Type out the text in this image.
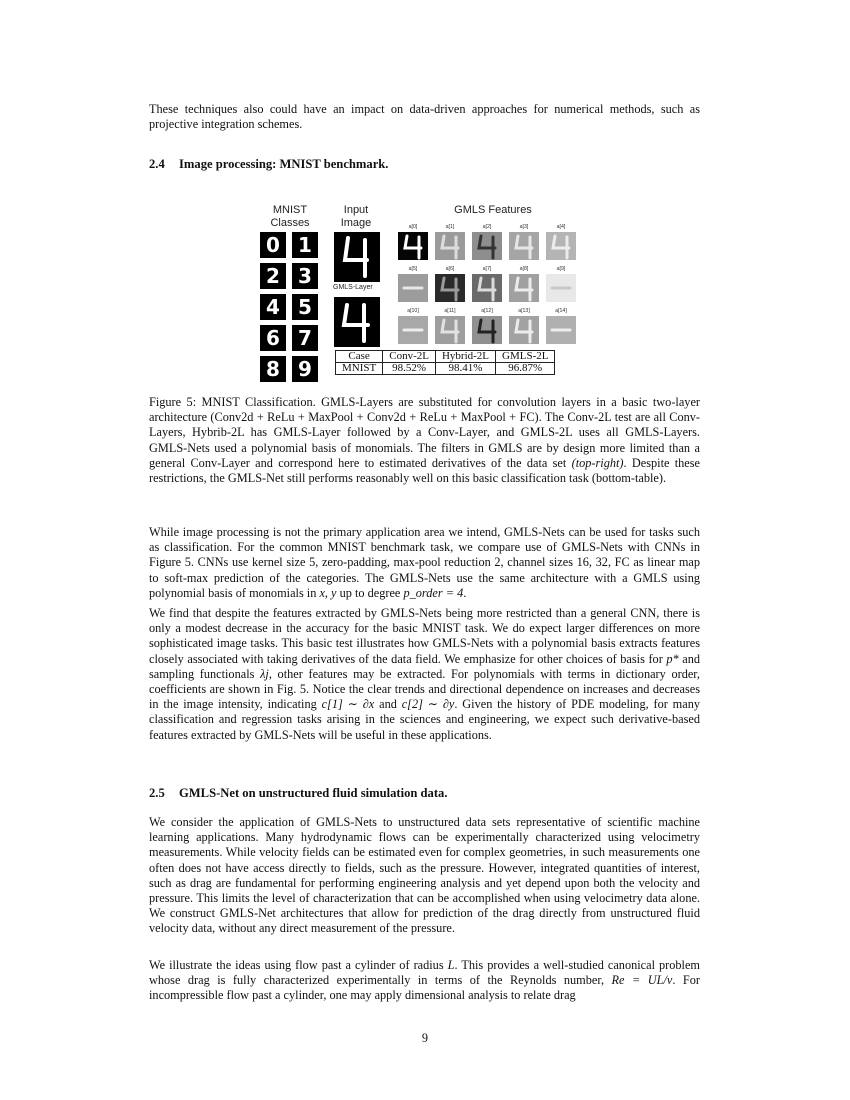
These techniques also could have an impact on data-driven approaches for numerical methods, such as projective integration schemes.

2.4 Image processing: MNIST benchmark.
MNIST
Classes
Input
Image
GMLS Features
0 1
2 3
4 5
6 7
8 9
GMLS-Layer
a[0]	a[1]	a[2]	a[3]	a[4]
a[5]	a[6]	a[7]	a[8]	a[9]
a[10]	a[11]	a[12]	a[13]	a[14]
Case	Conv-2L	Hybrid-2L	GMLS-2L
MNIST	98.52%	98.41%	96.87%

Figure 5: MNIST Classification. GMLS-Layers are substituted for convolution layers in a basic two-layer architecture (Conv2d + ReLu + MaxPool + Conv2d + ReLu + MaxPool + FC). The Conv-2L test are all Conv-Layers, Hybrib-2L has GMLS-Layer followed by a Conv-Layer, and GMLS-2L uses all GMLS-Layers. GMLS-Nets used a polynomial basis of monomials. The filters in GMLS are by design more limited than a general Conv-Layer and correspond here to estimated derivatives of the data set (top-right). Despite these restrictions, the GMLS-Net still performs reasonably well on this basic classification task (bottom-table).

While image processing is not the primary application area we intend, GMLS-Nets can be used for tasks such as classification. For the common MNIST benchmark task, we compare use of GMLS-Nets with CNNs in Figure 5. CNNs use kernel size 5, zero-padding, max-pool reduction 2, channel sizes 16, 32, FC as linear map to soft-max prediction of the categories. The GMLS-Nets use the same architecture with a GMLS using polynomial basis of monomials in x, y up to degree p_order = 4.

We find that despite the features extracted by GMLS-Nets being more restricted than a general CNN, there is only a modest decrease in the accuracy for the basic MNIST task. We do expect larger differences on more sophisticated image tasks. This basic test illustrates how GMLS-Nets with a polynomial basis extracts features closely associated with taking derivatives of the data field. We emphasize for other choices of basis for p* and sampling functionals λj, other features may be extracted. For polynomials with terms in dictionary order, coefficients are shown in Fig. 5. Notice the clear trends and directional dependence on increases and decreases in the image intensity, indicating c[1] ∼ ∂x and c[2] ∼ ∂y. Given the history of PDE modeling, for many classification and regression tasks arising in the sciences and engineering, we expect such derivative-based features extracted by GMLS-Nets will be useful in these applications.

2.5 GMLS-Net on unstructured fluid simulation data.

We consider the application of GMLS-Nets to unstructured data sets representative of scientific machine learning applications. Many hydrodynamic flows can be experimentally characterized using velocimetry measurements. While velocity fields can be estimated even for complex geometries, in such measurements one often does not have access directly to fields, such as the pressure. However, integrated quantities of interest, such as drag are fundamental for performing engineering analysis and yet depend upon both the velocity and pressure. This limits the level of characterization that can be accomplished when using velocimetry data alone. We construct GMLS-Net architectures that allow for prediction of the drag directly from unstructured fluid velocity data, without any direct measurement of the pressure.

We illustrate the ideas using flow past a cylinder of radius L. This provides a well-studied canonical problem whose drag is fully characterized experimentally in terms of the Reynolds number, Re = UL/ν. For incompressible flow past a cylinder, one may apply dimensional analysis to relate drag

9
